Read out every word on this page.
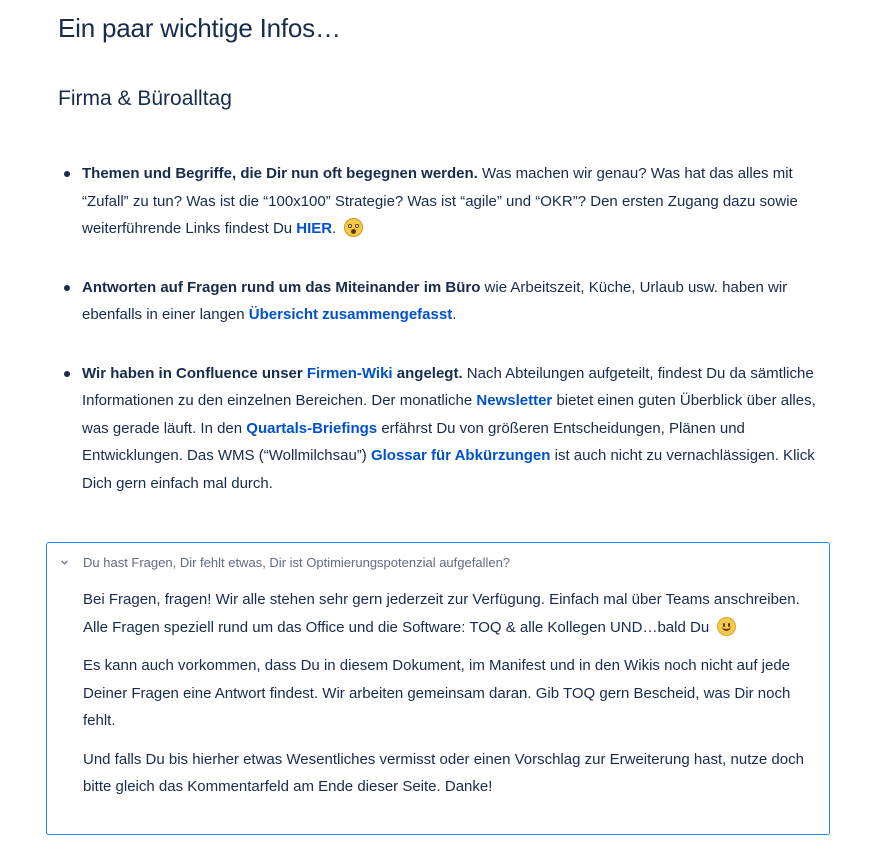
Ein paar wichtige Infos…
Firma & Büroalltag
Themen und Begriffe, die Dir nun oft begegnen werden. Was machen wir genau? Was hat das alles mit “Zufall” zu tun? Was ist die “100x100” Strategie? Was ist “agile” und “OKR”? Den ersten Zugang dazu sowie weiterführende Links findest Du HIER.
Antworten auf Fragen rund um das Miteinander im Büro wie Arbeitszeit, Küche, Urlaub usw. haben wir ebenfalls in einer langen Übersicht zusammengefasst.
Wir haben in Confluence unser Firmen-Wiki angelegt. Nach Abteilungen aufgeteilt, findest Du da sämtliche Informationen zu den einzelnen Bereichen. Der monatliche Newsletter bietet einen guten Überblick über alles, was gerade läuft. In den Quartals-Briefings erfährst Du von größeren Entscheidungen, Plänen und Entwicklungen. Das WMS (“Wollmilchsau”) Glossar für Abkürzungen ist auch nicht zu vernachlässigen. Klick Dich gern einfach mal durch.
Du hast Fragen, Dir fehlt etwas, Dir ist Optimierungspotenzial aufgefallen?

Bei Fragen, fragen! Wir alle stehen sehr gern jederzeit zur Verfügung. Einfach mal über Teams anschreiben. Alle Fragen speziell rund um das Office und die Software: TOQ & alle Kollegen UND…bald Du

Es kann auch vorkommen, dass Du in diesem Dokument, im Manifest und in den Wikis noch nicht auf jede Deiner Fragen eine Antwort findest. Wir arbeiten gemeinsam daran. Gib TOQ gern Bescheid, was Dir noch fehlt.

Und falls Du bis hierher etwas Wesentliches vermisst oder einen Vorschlag zur Erweiterung hast, nutze doch bitte gleich das Kommentarfeld am Ende dieser Seite. Danke!
